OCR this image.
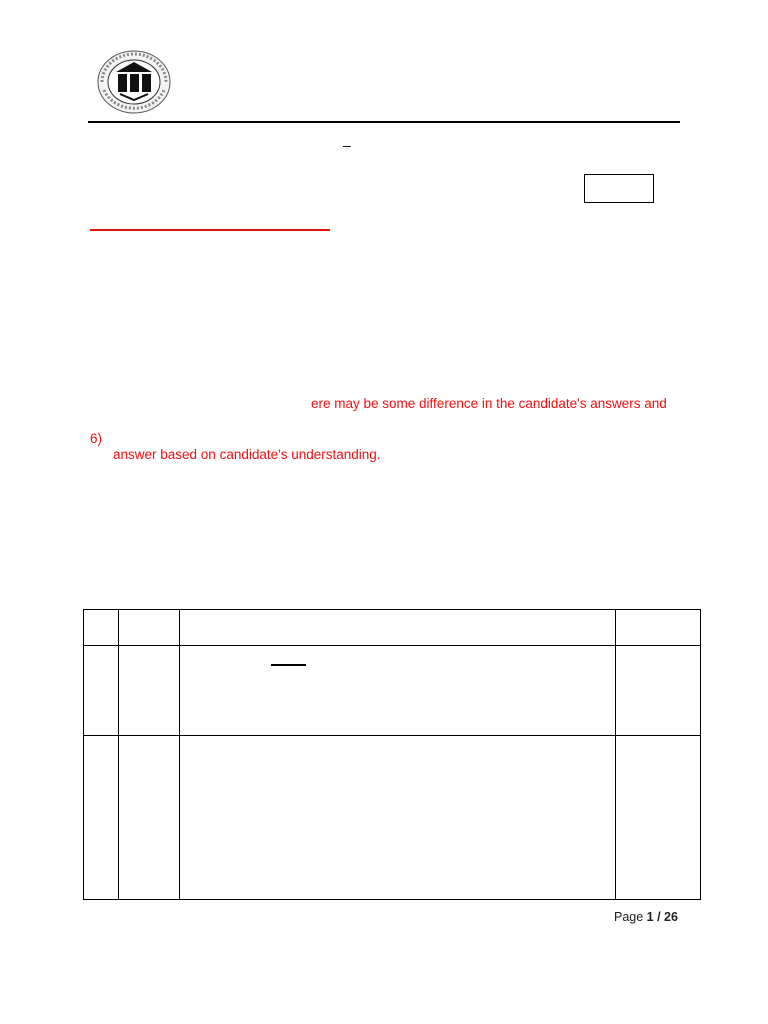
–
ere may be some difference in the candidate's answers and
6)
answer based on candidate's understanding.

Page 1 / 26
